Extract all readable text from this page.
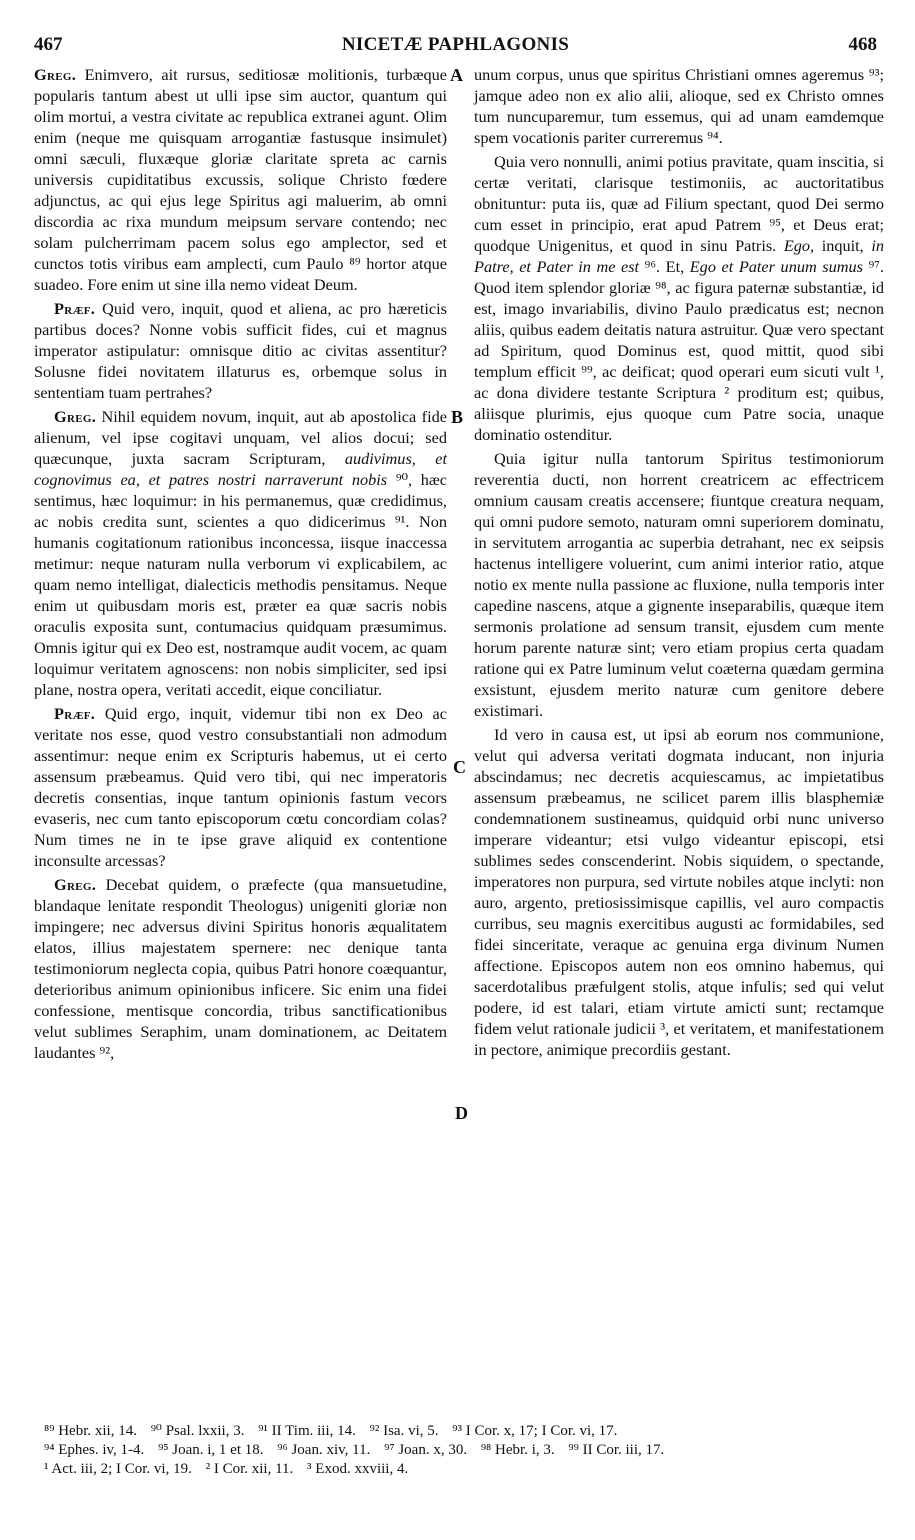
467	NICETÆ PAPHLAGONIS	468
A
B
C
D

Greg. Enimvero, ait rursus, seditiosæ molitionis, turbæque popularis tantum abest ut ulli ipse sim auctor, quantum qui olim mortui, a vestra civitate ac republica extranei agunt. Olim enim (neque me quisquam arrogantiæ fastusque insimulet) omni sæculi, fluxæque gloriæ claritate spreta ac carnis universis cupiditatibus excussis, solique Christo fœdere adjunctus, ac qui ejus lege Spiritus agi maluerim, ab omni discordia ac rixa mundum meipsum servare contendo; nec solam pulcherrimam pacem solus ego amplector, sed et cunctos totis viribus eam amplecti, cum Paulo ⁸⁹ hortor atque suadeo. Fore enim ut sine illa nemo videat Deum.

Præf. Quid vero, inquit, quod et aliena, ac pro hæreticis partibus doces? Nonne vobis sufficit fides, cui et magnus imperator astipulatur: omnisque ditio ac civitas assentitur? Solusne fidei novitatem illaturus es, orbemque solus in sententiam tuam pertrahes?

Greg. Nihil equidem novum, inquit, aut ab apostolica fide alienum, vel ipse cogitavi unquam, vel alios docui; sed quæcunque, juxta sacram Scripturam, audivimus, et cognovimus ea, et patres nostri narraverunt nobis ⁹⁰, hæc sentimus, hæc loquimur: in his permanemus, quæ credidimus, ac nobis credita sunt, scientes a quo didicerimus ⁹¹. Non humanis cogitationum rationibus inconcessa, iisque inaccessa metimur: neque naturam nulla verborum vi explicabilem, ac quam nemo intelligat, dialecticis methodis pensitamus. Neque enim ut quibusdam moris est, præter ea quæ sacris nobis oraculis exposita sunt, contumacius quidquam præsumimus. Omnis igitur qui ex Deo est, nostramque audit vocem, ac quam loquimur veritatem agnoscens: non nobis simpliciter, sed ipsi plane, nostra opera, veritati accedit, eique conciliatur.

Præf. Quid ergo, inquit, videmur tibi non ex Deo ac veritate nos esse, quod vestro consubstantiali non admodum assentimur: neque enim ex Scripturis habemus, ut ei certo assensum præbeamus. Quid vero tibi, qui nec imperatoris decretis consentias, inque tantum opinionis fastum vecors evaseris, nec cum tanto episcoporum cœtu concordiam colas? Num times ne in te ipse grave aliquid ex contentione inconsulte arcessas?

Greg. Decebat quidem, o præfecte (qua mansuetudine, blandaque lenitate respondit Theologus) unigeniti gloriæ non impingere; nec adversus divini Spiritus honoris æqualitatem elatos, illius majestatem spernere: nec denique tanta testimoniorum neglecta copia, quibus Patri honore coæquantur, deterioribus animum opinionibus inficere. Sic enim una fidei confessione, mentisque concordia, tribus sanctificationibus velut sublimes Seraphim, unam dominationem, ac Deitatem laudantes ⁹²,

unum corpus, unus que spiritus Christiani omnes ageremus ⁹³; jamque adeo non ex alio alii, alioque, sed ex Christo omnes tum nuncuparemur, tum essemus, qui ad unam eamdemque spem vocationis pariter curreremus ⁹⁴.

Quia vero nonnulli, animi potius pravitate, quam inscitia, si certæ veritati, clarisque testimoniis, ac auctoritatibus obnituntur: puta iis, quæ ad Filium spectant, quod Dei sermo cum esset in principio, erat apud Patrem ⁹⁵, et Deus erat; quodque Unigenitus, et quod in sinu Patris. Ego, inquit, in Patre, et Pater in me est ⁹⁶. Et, Ego et Pater unum sumus ⁹⁷. Quod item splendor gloriæ ⁹⁸, ac figura paternæ substantiæ, id est, imago invariabilis, divino Paulo prædicatus est; necnon aliis, quibus eadem deitatis natura astruitur. Quæ vero spectant ad Spiritum, quod Dominus est, quod mittit, quod sibi templum efficit ⁹⁹, ac deificat; quod operari eum sicuti vult ¹, ac dona dividere testante Scriptura ² proditum est; quibus, aliisque plurimis, ejus quoque cum Patre socia, unaque dominatio ostenditur.

Quia igitur nulla tantorum Spiritus testimoniorum reverentia ducti, non horrent creatricem ac effectricem omnium causam creatis accensere; fiuntque creatura nequam, qui omni pudore semoto, naturam omni superiorem dominatu, in servitutem arrogantia ac superbia detrahant, nec ex seipsis hactenus intelligere voluerint, cum animi interior ratio, atque notio ex mente nulla passione ac fluxione, nulla temporis inter capedine nascens, atque a gignente inseparabilis, quæque item sermonis prolatione ad sensum transit, ejusdem cum mente horum parente naturæ sint; vero etiam propius certa quadam ratione qui ex Patre luminum velut coæterna quædam germina exsistunt, ejusdem merito naturæ cum genitore debere existimari.

Id vero in causa est, ut ipsi ab eorum nos communione, velut qui adversa veritati dogmata inducant, non injuria abscindamus; nec decretis acquiescamus, ac impietatibus assensum præbeamus, ne scilicet parem illis blasphemiæ condemnationem sustineamus, quidquid orbi nunc universo imperare videantur; etsi vulgo videantur episcopi, etsi sublimes sedes conscenderint. Nobis siquidem, o spectande, imperatores non purpura, sed virtute nobiles atque inclyti: non auro, argento, pretiosissimisque capillis, vel auro compactis curribus, seu magnis exercitibus augusti ac formidabiles, sed fidei sinceritate, veraque ac genuina erga divinum Numen affectione. Episcopos autem non eos omnino habemus, qui sacerdotalibus præfulgent stolis, atque infulis; sed qui velut podere, id est talari, etiam virtute amicti sunt; rectamque fidem velut rationale judicii ³, et veritatem, et manifestationem in pectore, animique precordiis gestant.

⁸⁹ Hebr. xii, 14. ⁹⁰ Psal. lxxii, 3. ⁹¹ II Tim. iii, 14. ⁹² Isa. vi, 5. ⁹³ I Cor. x, 17; I Cor. vi, 17.
⁹⁴ Ephes. iv, 1-4. ⁹⁵ Joan. i, 1 et 18. ⁹⁶ Joan. xiv, 11. ⁹⁷ Joan. x, 30. ⁹⁸ Hebr. i, 3. ⁹⁹ II Cor. iii, 17.
¹ Act. iii, 2; I Cor. vi, 19. ² I Cor. xii, 11. ³ Exod. xxviii, 4.
